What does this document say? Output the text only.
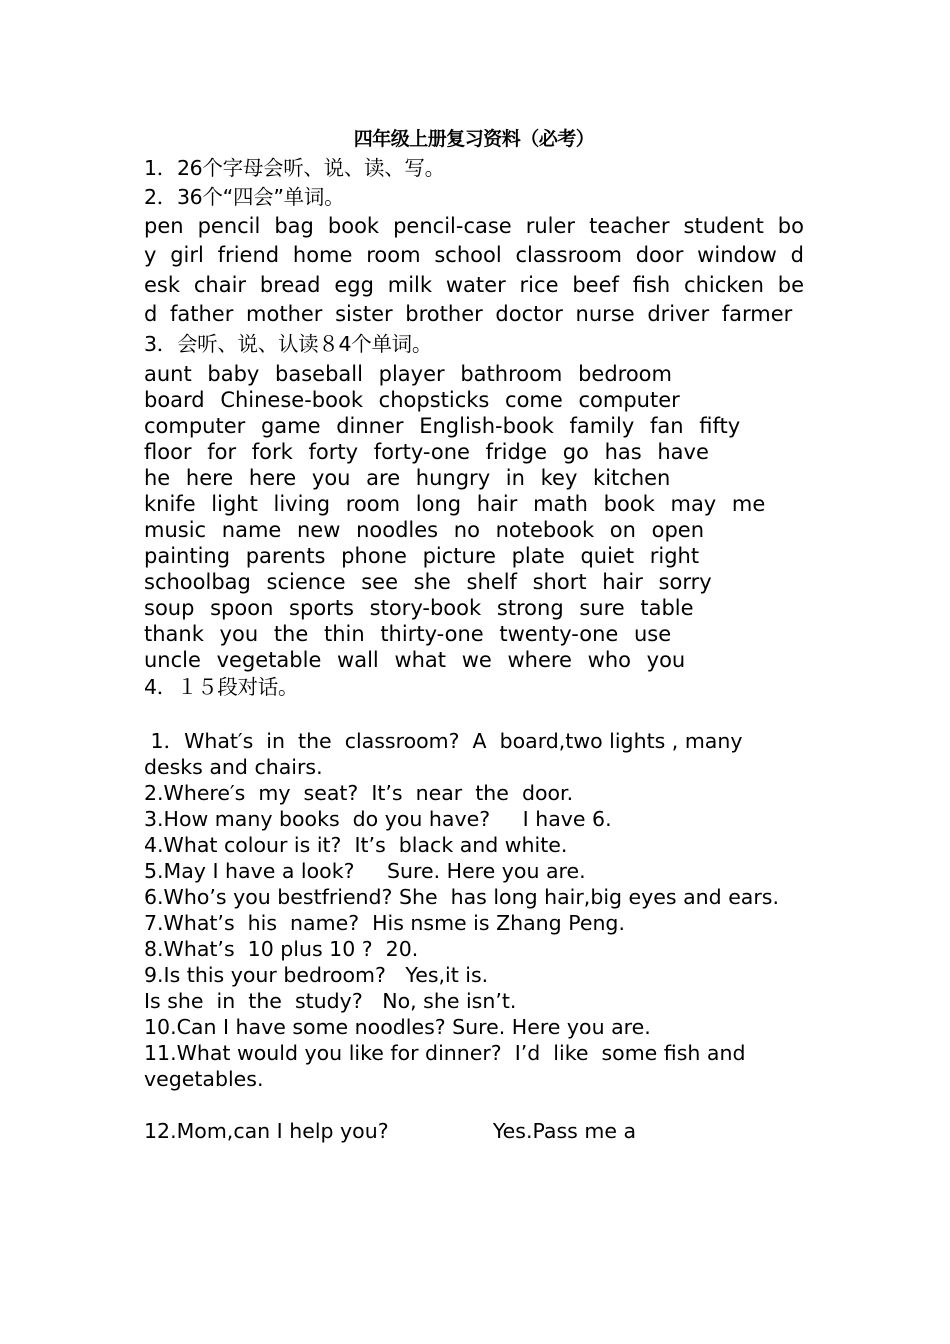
四年级上册复习资料（必考）
1．26个字母会听、说、读、写。
2．36个“四会”单词。
pen pencil bag book pencil-case ruler teacher student boy girl friend home room school classroom door window desk chair bread egg milk water rice beef fish chicken bed father mother sister brother doctor nurse driver farmer
3．会听、说、认读８4个单词。
aunt baby baseball player bathroom bedroom
board Chinese-book chopsticks come computer
computer game dinner English-book family fan fifty
floor for fork forty forty-one fridge go has have
he here here you are hungry in key kitchen
knife light living room long hair math book may me
music name new noodles no notebook on open
painting parents phone picture plate quiet right
schoolbag science see she shelf short hair sorry
soup spoon sports story-book strong sure table
thank you the thin thirty-one twenty-one use
uncle vegetable wall what we where who you
4．１５段对话。
1．What′s  in  the  classroom?  A  board,two lights , many desks and chairs.
2.Where′s  my  seat?  It’s  near  the  door.
3.How many books  do you have?     I have 6.
4.What colour is it?  It’s  black and white.
5.May I have a look?     Sure. Here you are.
6.Who’s you bestfriend? She  has long hair,big eyes and ears.
7.What’s  his  name?  His nsme is Zhang Peng.
8.What’s  10 plus 10 ?  20.
9.Is this your bedroom?   Yes,it is.
Is she  in  the  study?   No, she isn’t.
10.Can I have some noodles? Sure. Here you are.
11.What would you like for dinner?  I’d  like  some fish and vegetables.
12.Mom,can I help you?                Yes.Pass me a
